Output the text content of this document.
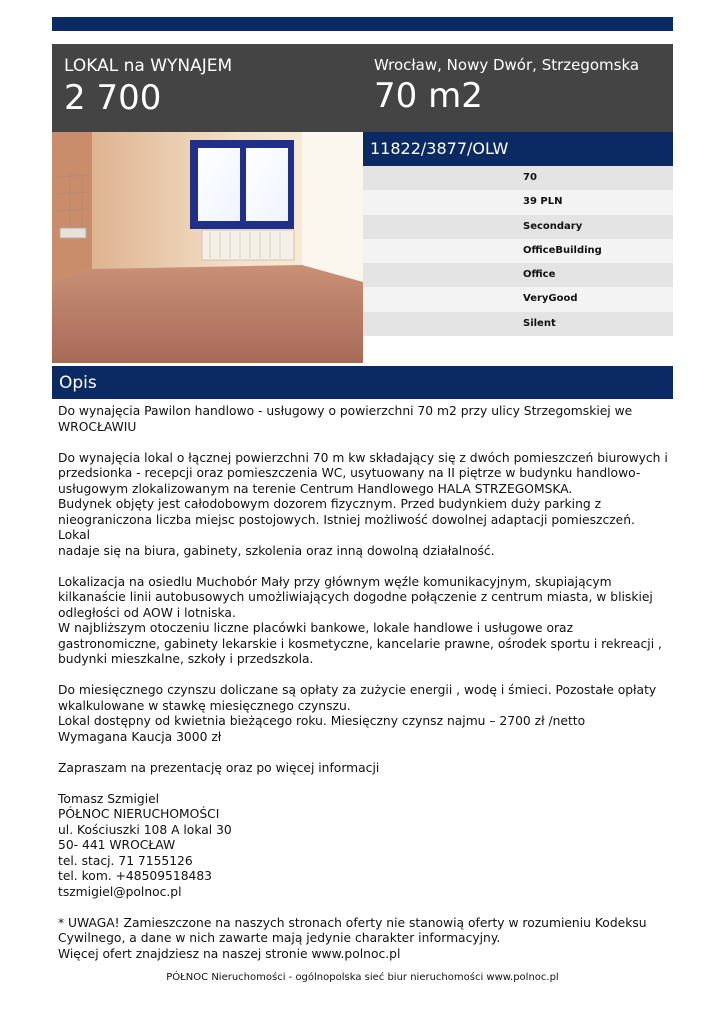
LOKAL na WYNAJEM
2 700
Wrocław, Nowy Dwór, Strzegomska
70 m2
11822/3877/OLW
70
39 PLN
Secondary
OfficeBuilding
Office
VeryGood
Silent
Opis

Do wynajęcia Pawilon handlowo - usługowy o powierzchni 70 m2 przy ulicy Strzegomskiej we
WROCŁAWIU

Do wynajęcia lokal o łącznej powierzchni 70 m kw składający się z dwóch pomieszczeń biurowych i
przedsionka - recepcji oraz pomieszczenia WC, usytuowany na II piętrze w budynku handlowo-
usługowym zlokalizowanym na terenie Centrum Handlowego HALA STRZEGOMSKA.
Budynek objęty jest całodobowym dozorem fizycznym. Przed budynkiem duży parking z
nieograniczona liczba miejsc postojowych. Istniej możliwość dowolnej adaptacji pomieszczeń. Lokal
nadaje się na biura, gabinety, szkolenia oraz inną dowolną działalność.

Lokalizacja na osiedlu Muchobór Mały przy głównym węźle komunikacyjnym, skupiającym
kilkanaście linii autobusowych umożliwiających dogodne połączenie z centrum miasta, w bliskiej
odległości od AOW i lotniska.
W najbliższym otoczeniu liczne placówki bankowe, lokale handlowe i usługowe oraz
gastronomiczne, gabinety lekarskie i kosmetyczne, kancelarie prawne, ośrodek sportu i rekreacji ,
budynki mieszkalne, szkoły i przedszkola.

Do miesięcznego czynszu doliczane są opłaty za zużycie energii , wodę i śmieci. Pozostałe opłaty
wkalkulowane w stawkę miesięcznego czynszu.
Lokal dostępny od kwietnia bieżącego roku. Miesięczny czynsz najmu – 2700 zł /netto
Wymagana Kaucja 3000 zł

Zapraszam na prezentację oraz po więcej informacji

Tomasz Szmigiel
PÓŁNOC NIERUCHOMOŚCI
ul. Kościuszki 108 A lokal 30
50- 441 WROCŁAW
tel. stacj. 71 7155126
tel. kom. +48509518483
tszmigiel@polnoc.pl

* UWAGA! Zamieszczone na naszych stronach oferty nie stanowią oferty w rozumieniu Kodeksu
Cywilnego, a dane w nich zawarte mają jedynie charakter informacyjny.
Więcej ofert znajdziesz na naszej stronie www.polnoc.pl

PÓŁNOC Nieruchomości - ogólnopolska sieć biur nieruchomości www.polnoc.pl
